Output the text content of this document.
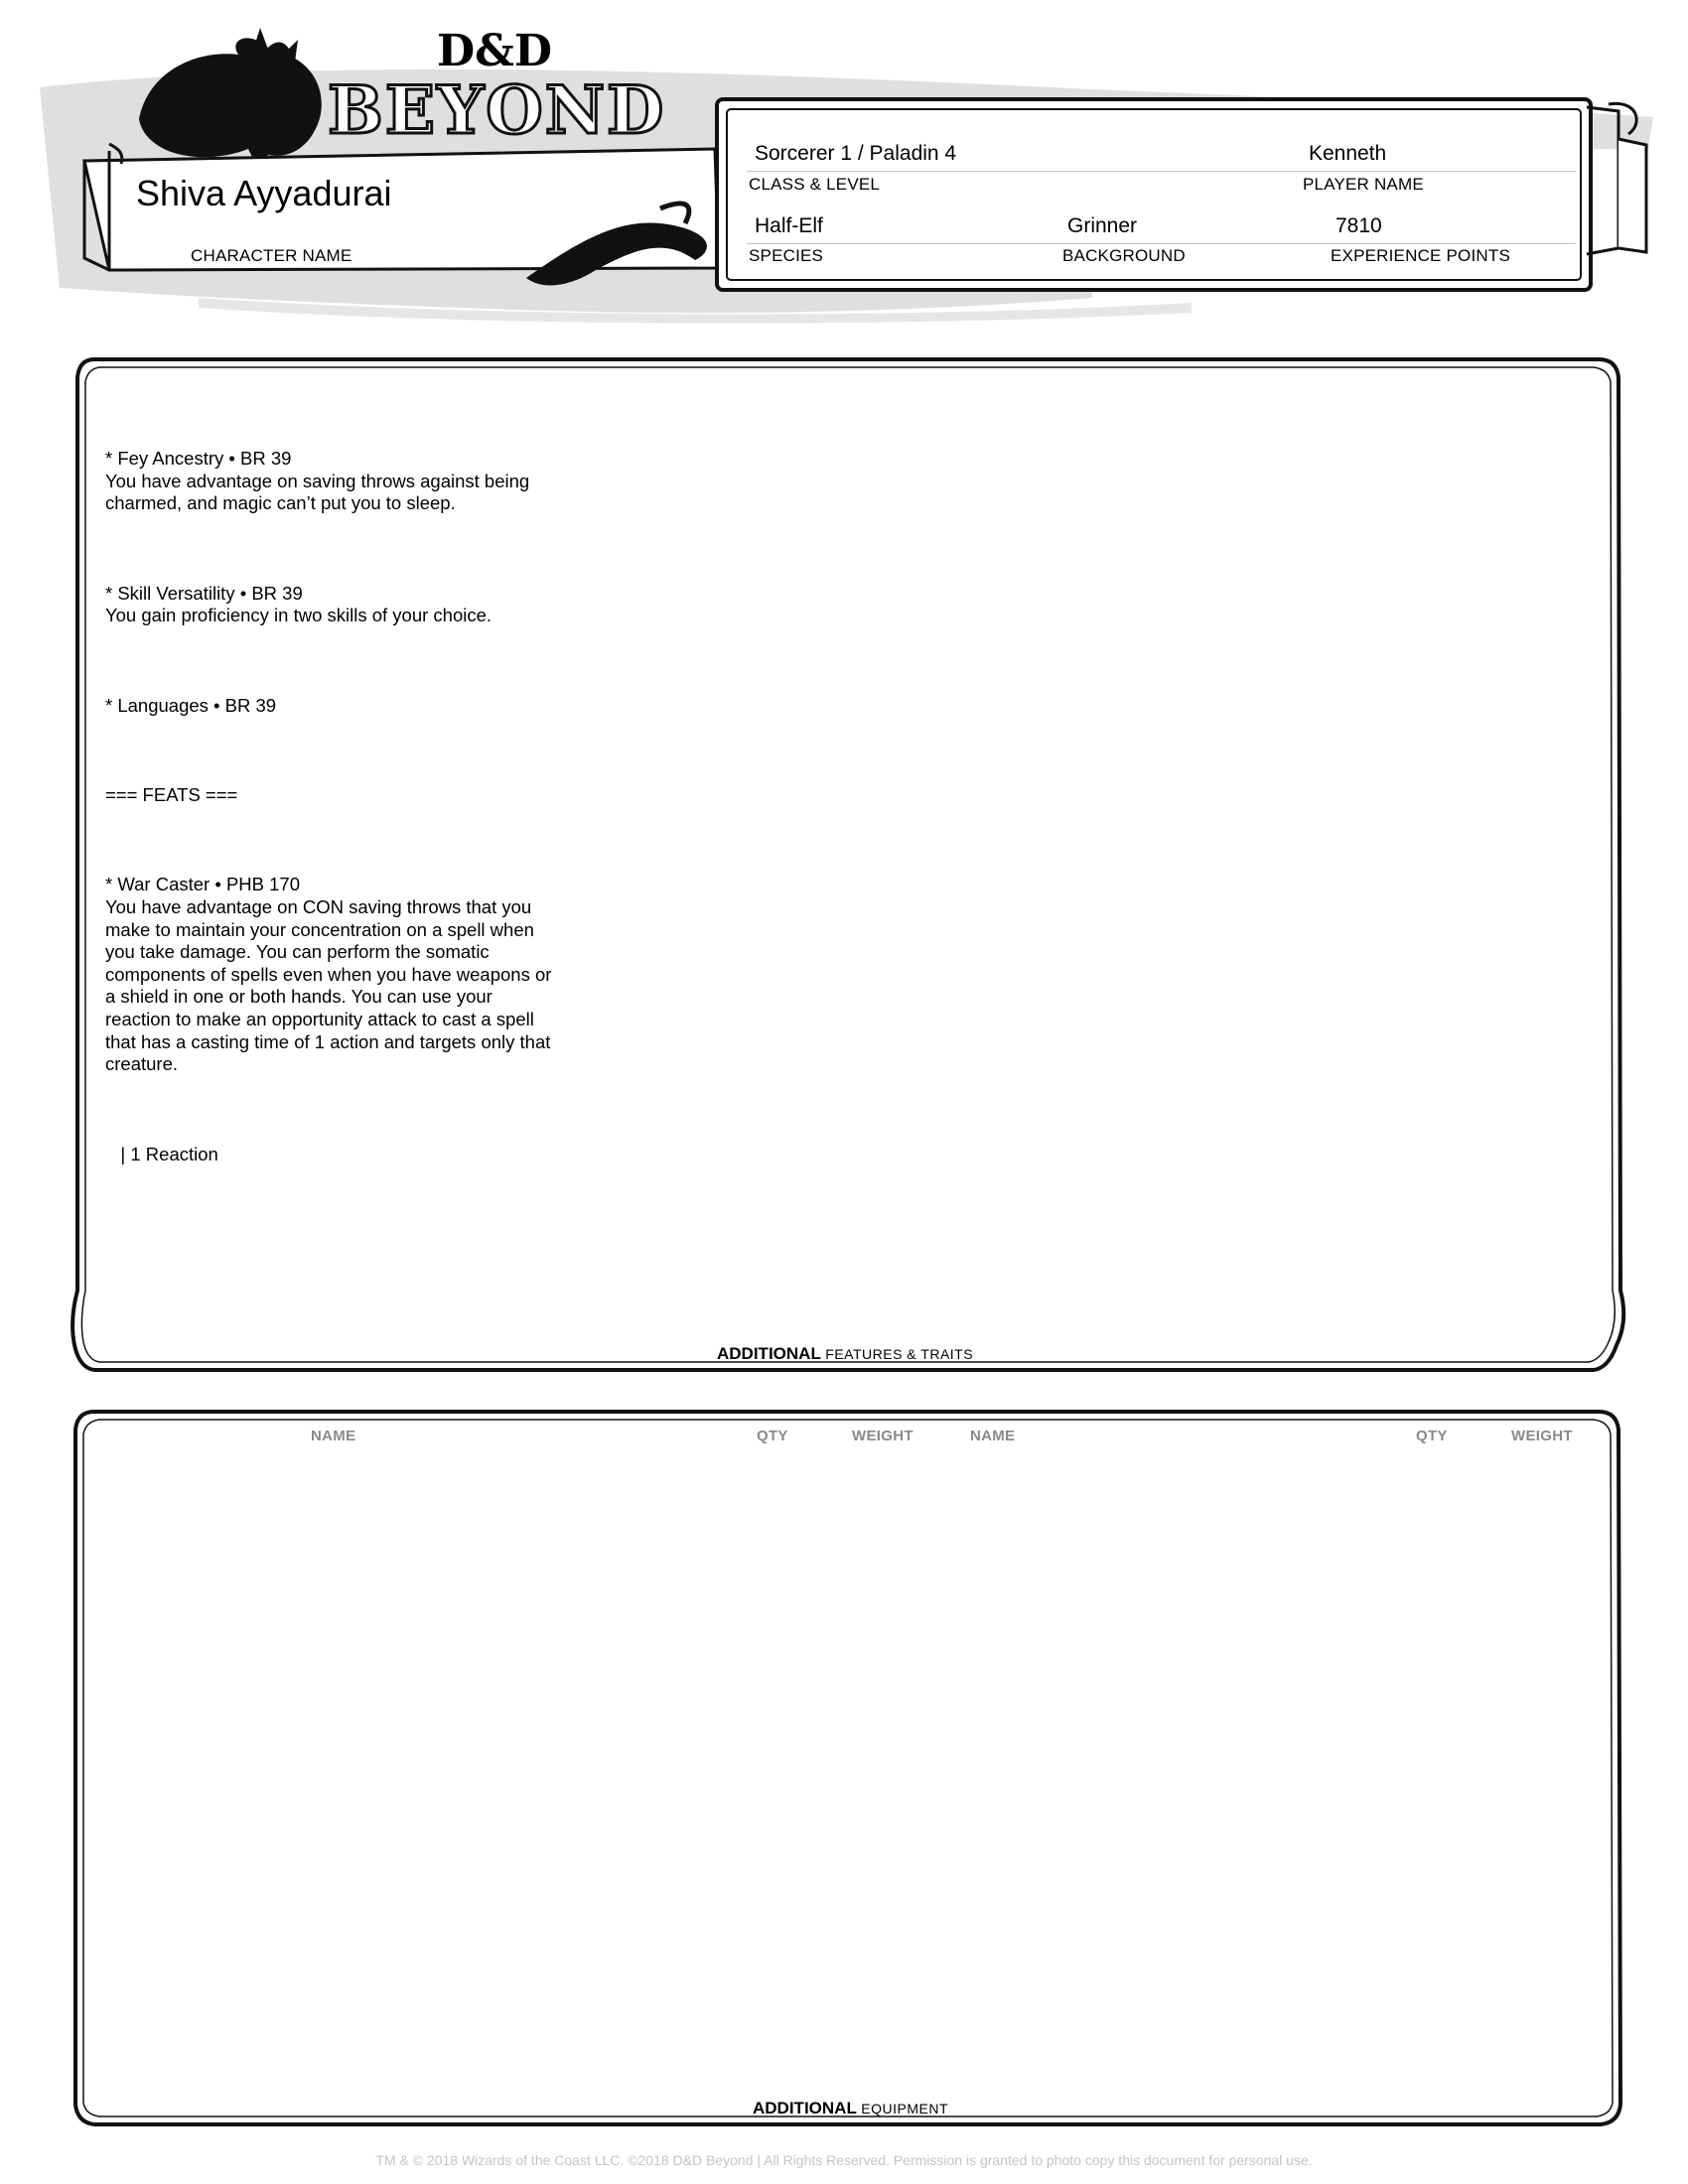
D&D
BEYOND
Shiva Ayyadurai
CHARACTER NAME
Sorcerer 1 / Paladin 4
CLASS & LEVEL
Kenneth
PLAYER NAME
Half-Elf
SPECIES
Grinner
BACKGROUND
7810
EXPERIENCE POINTS

* Fey Ancestry • BR 39
You have advantage on saving throws against being
charmed, and magic can’t put you to sleep.

* Skill Versatility • BR 39
You gain proficiency in two skills of your choice.

* Languages • BR 39

=== FEATS ===

* War Caster • PHB 170
You have advantage on CON saving throws that you
make to maintain your concentration on a spell when
you take damage. You can perform the somatic
components of spells even when you have weapons or
a shield in one or both hands. You can use your
reaction to make an opportunity attack to cast a spell
that has a casting time of 1 action and targets only that
creature.

| 1 Reaction

ADDITIONAL FEATURES & TRAITS
NAME	QTY	WEIGHT	NAME	QTY	WEIGHT
ADDITIONAL EQUIPMENT
TM & © 2018 Wizards of the Coast LLC. ©2018 D&D Beyond | All Rights Reserved. Permission is granted to photo copy this document for personal use.
